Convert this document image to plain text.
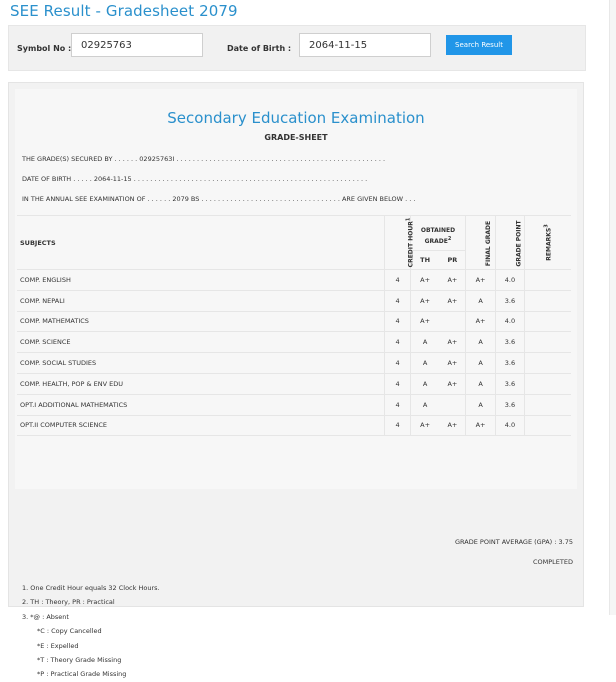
SEE Result - Gradesheet 2079
Symbol No :
02925763	Date of Birth :
2064-11-15	Search Result
Secondary Education Examination
GRADE-SHEET
THE GRADE(S) SECURED BY . . . . . . 02925763I . . . . . . . . . . . . . . . . . . . . . . . . . . . . . . . . . . . . . . . . . . . . . . . . . . .
DATE OF BIRTH . . . . . 2064-11-15 . . . . . . . . . . . . . . . . . . . . . . . . . . . . . . . . . . . . . . . . . . . . . . . . . . . . . . . . .
IN THE ANNUAL SEE EXAMINATION OF . . . . . . 2079 BS . . . . . . . . . . . . . . . . . . . . . . . . . . . . . . . . . . ARE GIVEN BELOW . . .
SUBJECTS	CREDIT HOUR$^1$	OBTAINED GRADE$^2$		FINAL GRADE	GRADE POINT	REMARKS$^3$
		TH	PR			
COMP. ENGLISH	4	A+	A+	A+	4.0	
COMP. NEPALI	4	A+	A+	A	3.6	
COMP. MATHEMATICS	4	A+		A+	4.0	
COMP. SCIENCE	4	A	A+	A	3.6	
COMP. SOCIAL STUDIES	4	A	A+	A	3.6	
COMP. HEALTH, POP & ENV EDU	4	A	A+	A	3.6	
OPT.I ADDITIONAL MATHEMATICS	4	A		A	3.6	
OPT.II COMPUTER SCIENCE	4	A+	A+	A+	4.0	
GRADE POINT AVERAGE (GPA) : 3.75
COMPLETED
1. One Credit Hour equals 32 Clock Hours.
2. TH : Theory, PR : Practical
3. *@ : Absent
*C : Copy Cancelled
*E : Expelled
*T : Theory Grade Missing
*P : Practical Grade Missing
